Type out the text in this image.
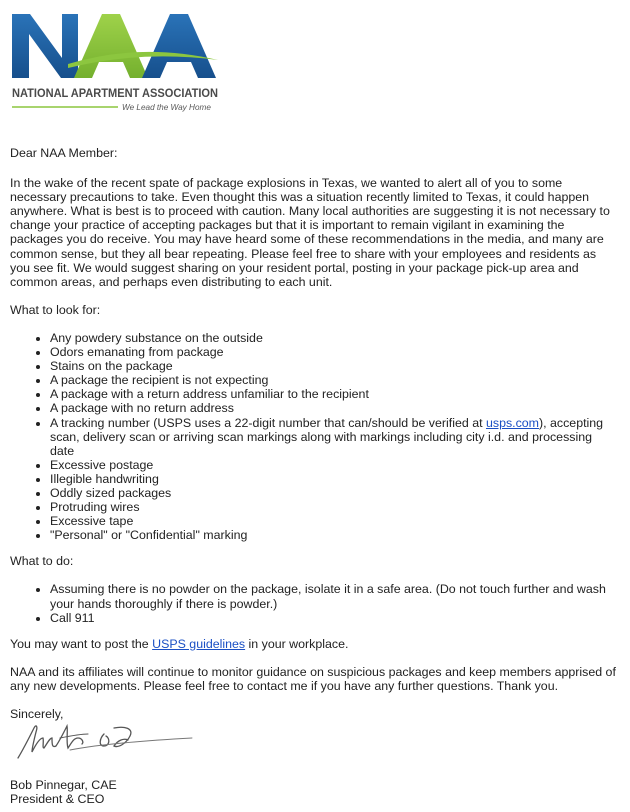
NATIONAL APARTMENT ASSOCIATION
We Lead the Way Home

Dear NAA Member:

In the wake of the recent spate of package explosions in Texas, we wanted to alert all of you to some necessary precautions to take. Even thought this was a situation recently limited to Texas, it could happen anywhere. What is best is to proceed with caution. Many local authorities are suggesting it is not necessary to change your practice of accepting packages but that it is important to remain vigilant in examining the packages you do receive. You may have heard some of these recommendations in the media, and many are common sense, but they all bear repeating. Please feel free to share with your employees and residents as you see fit. We would suggest sharing on your resident portal, posting in your package pick-up area and common areas, and perhaps even distributing to each unit.

What to look for:

• Any powdery substance on the outside
• Odors emanating from package
• Stains on the package
• A package the recipient is not expecting
• A package with a return address unfamiliar to the recipient
• A package with no return address
• A tracking number (USPS uses a 22-digit number that can/should be verified at usps.com), accepting scan, delivery scan or arriving scan markings along with markings including city i.d. and processing date
• Excessive postage
• Illegible handwriting
• Oddly sized packages
• Protruding wires
• Excessive tape
• "Personal" or "Confidential" marking

What to do:

• Assuming there is no powder on the package, isolate it in a safe area. (Do not touch further and wash your hands thoroughly if there is powder.)
• Call 911

You may want to post the USPS guidelines in your workplace.

NAA and its affiliates will continue to monitor guidance on suspicious packages and keep members apprised of any new developments. Please feel free to contact me if you have any further questions. Thank you.

Sincerely,

Bob Pinnegar, CAE

President & CEO
